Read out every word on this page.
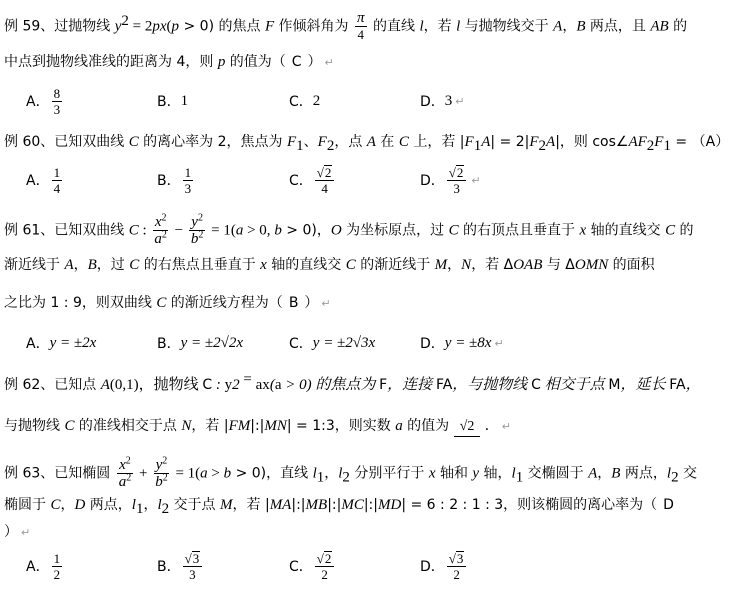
例 59、过抛物线 $y^2 = 2px(p > 0)$ 的焦点 F 作倾斜角为 $\frac{\pi}{4}$ 的直线 l，若 l 与抛物线交于 A，B 两点，且 AB 的
中点到抛物线准线的距离为 4，则 p 的值为（ C ） ↵
A． $\frac{8}{3}$	B． 1	C． 2	D． 3 ↵
例 60、已知双曲线 C 的离心率为 2，焦点为 $F_1$、$F_2$，点 A 在 C 上，若 $|F_1A| = 2|F_2A|$，则 $\cos\angle AF_2F_1 = (A)$
A． $\frac{1}{4}$	B． $\frac{1}{3}$	C． $\frac{√2}{4}$	D． $\frac{√2}{3}$ ↵
例 61、已知双曲线 C : $\frac{x^2}{a^2} - \frac{y^2}{b^2} = 1(a > 0$, b > 0)，O 为坐标原点，过 C 的右顶点且垂直于 x 轴的直线交 C 的
渐近线于 A，B，过 C 的右焦点且垂直于 x 轴的直线交 C 的渐近线于 M，N，若 ΔOAB 与 ΔOMN 的面积
之比为 1 : 9，则双曲线 C 的渐近线方程为（ B ） ↵
A． y = ±2x	B． y = ±2√2x	C． y = ±2√3x	D． y = ±8x ↵
例 62、已知点 A(0,1)，抛物线 C : y2 = ax(a > 0) 的焦点为 F，连接 FA，与抛物线 C 相交于点 M，延长 FA，
与抛物线 C 的准线相交于点 N，若 |FM|:|MN| = 1:3，则实数 a 的值为 √2 ． ↵
例 63、已知椭圆 $\frac{x^2}{a^2} + \frac{y^2}{b^2} = 1(a > b > 0)$，直线 $l_1$，$l_2$ 分别平行于 x 轴和 y 轴，$l_1$ 交椭圆于 A，B 两点，$l_2$ 交
椭圆于 C，D 两点，$l_1$，$l_2$ 交于点 M，若 |MA|:|MB|:|MC|:|MD| = 6 : 2 : 1 : 3，则该椭圆的离心率为（ D
） ↵
A． $\frac{1}{2}$	B． $\frac{√3}{3}$	C． $\frac{√2}{2}$	D． $\frac{√3}{2}$
